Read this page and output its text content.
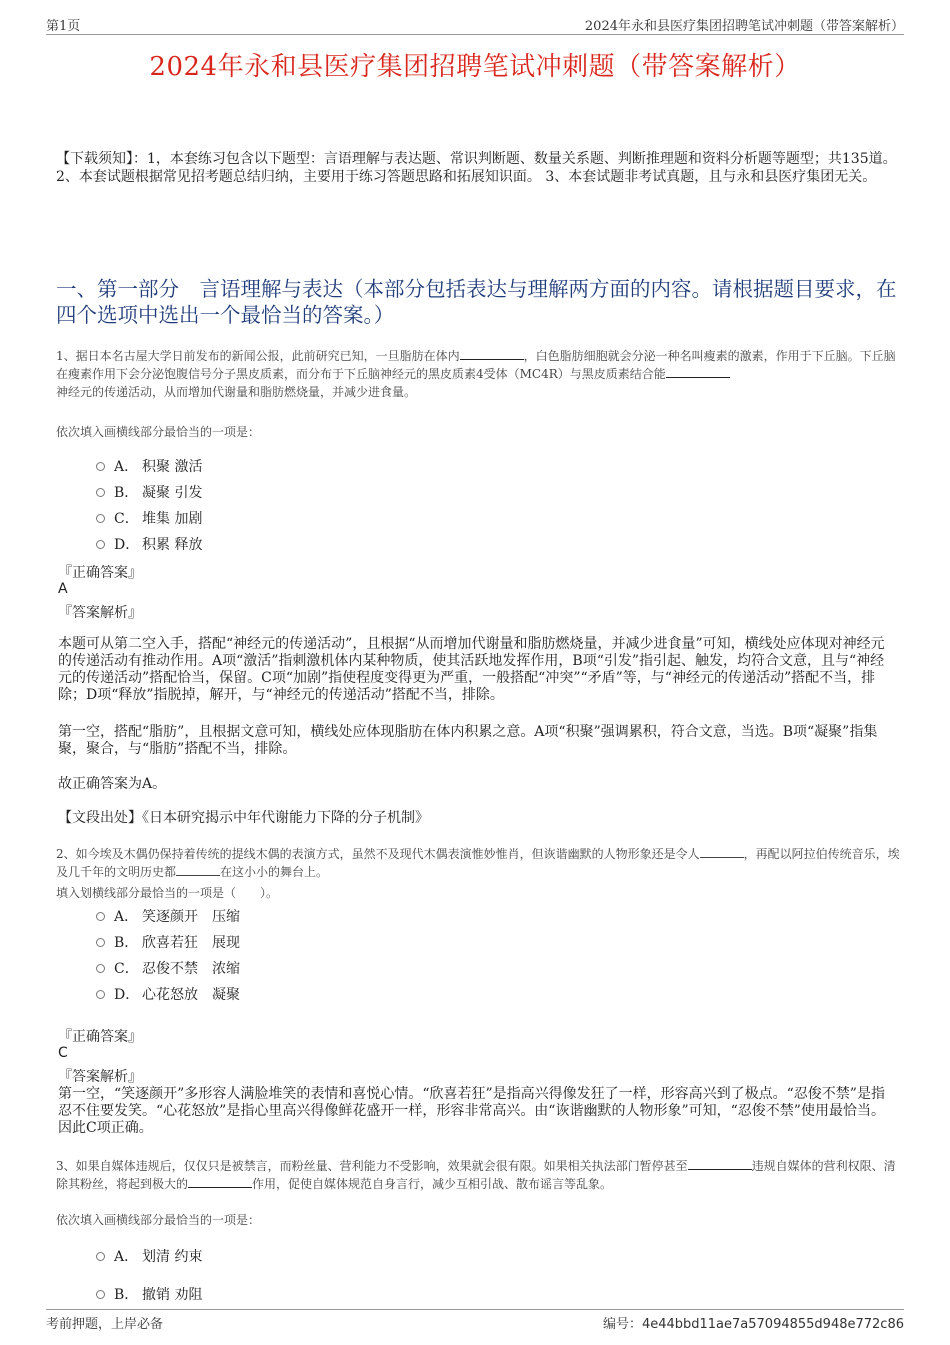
第1页	2024年永和县医疗集团招聘笔试冲刺题（带答案解析）
2024年永和县医疗集团招聘笔试冲刺题（带答案解析）
【下载须知】：1，本套练习包含以下题型：言语理解与表达题、常识判断题、数量关系题、判断推理题和资料分析题等题型；共135道。 2、本套试题根据常见招考题总结归纳，主要用于练习答题思路和拓展知识面。 3、本套试题非考试真题，且与永和县医疗集团无关。
一、第一部分　言语理解与表达（本部分包括表达与理解两方面的内容。请根据题目要求，在四个选项中选出一个最恰当的答案。）
1、据日本名古屋大学日前发布的新闻公报，此前研究已知，一旦脂肪在体内	，白色脂肪细胞就会分泌一种名叫瘦素的激素，作用于下丘脑。下丘脑在瘦素作用下会分泌饱腹信号分子黑皮质素，而分布于下丘脑神经元的黑皮质素4受体（MC4R）与黑皮质素结合能
神经元的传递活动，从而增加代谢量和脂肪燃烧量，并减少进食量。
依次填入画横线部分最恰当的一项是：
A． 积聚 激活
B． 凝聚 引发
C． 堆集 加剧
D． 积累 释放
『正确答案』
A
『答案解析』
本题可从第二空入手，搭配“神经元的传递活动”，且根据“从而增加代谢量和脂肪燃烧量，并减少进食量”可知，横线处应体现对神经元的传递活动有推动作用。A项“激活”指刺激机体内某种物质，使其活跃地发挥作用，B项“引发”指引起、触发，均符合文意，且与“神经元的传递活动”搭配恰当，保留。C项“加剧”指使程度变得更为严重，一般搭配“冲突”“矛盾”等，与“神经元的传递活动”搭配不当，排除；D项“释放”指脱掉，解开，与“神经元的传递活动”搭配不当，排除。
第一空，搭配“脂肪”，且根据文意可知，横线处应体现脂肪在体内积累之意。A项“积聚”强调累积，符合文意，当选。B项“凝聚”指集聚，聚合，与“脂肪”搭配不当，排除。
故正确答案为A。
【文段出处】《日本研究揭示中年代谢能力下降的分子机制》
2、如今埃及木偶仍保持着传统的提线木偶的表演方式，虽然不及现代木偶表演惟妙惟肖，但诙谐幽默的人物形象还是令人	，再配以阿拉伯传统音乐，埃及几千年的文明历史都	在这小小的舞台上。
填入划横线部分最恰当的一项是（　　）。
A． 笑逐颜开　压缩
B． 欣喜若狂　展现
C． 忍俊不禁　浓缩
D． 心花怒放　凝聚
『正确答案』
C
『答案解析』
第一空，“笑逐颜开”多形容人满脸堆笑的表情和喜悦心情。“欣喜若狂”是指高兴得像发狂了一样，形容高兴到了极点。“忍俊不禁”是指忍不住要发笑。“心花怒放”是指心里高兴得像鲜花盛开一样，形容非常高兴。由“诙谐幽默的人物形象”可知，“忍俊不禁”使用最恰当。因此C项正确。
3、如果自媒体违规后，仅仅只是被禁言，而粉丝量、营利能力不受影响，效果就会很有限。如果相关执法部门暂停甚至	违规自媒体的营利权限、清除其粉丝，将起到极大的	作用，促使自媒体规范自身言行，减少互相引战、散布谣言等乱象。
依次填入画横线部分最恰当的一项是：
A． 划清 约束
B． 撤销 劝阻
考前押题，上岸必备	编号：4e44bbd11ae7a57094855d948e772c86
